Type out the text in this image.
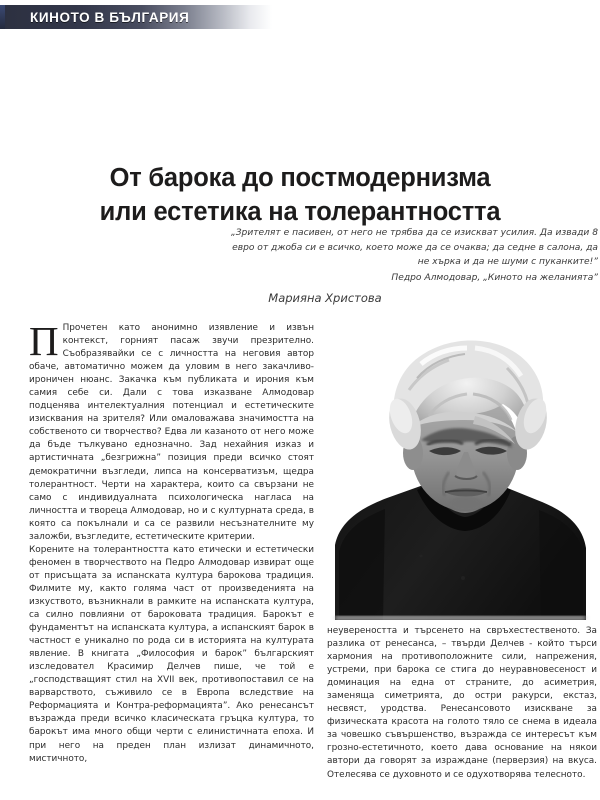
КИНОТО В БЪЛГАРИЯ
От барока до постмодернизма
или естетика на толерантността
„Зрителят е пасивен, от него не трябва да се изискват усилия. Да извади 8 евро от джоба си е всичко, което може да се очаква; да седне в салона, да не хърка и да не шуми с пуканките!”
Педро Алмодовар, „Киното на желанията”
Марияна Христова

П Прочетен като анонимно изявление и извън контекст, горният пасаж звучи презрително. Съобразявайки се с личността на неговия автор обаче, автоматично можем да уловим в него закачливо-ироничен нюанс. Закачка към публиката и ирония към самия себе си. Дали с това изказване Алмодовар подценява интелектуалния потенциал и естетическите изисквания на зрителя? Или омаловажава значимостта на собственото си творчество? Едва ли казаното от него може да бъде тълкувано еднозначно. Зад нехайния изказ и артистичната „безгрижна” позиция преди всичко стоят демократични възгледи, липса на консерватизъм, щедра толерантност. Черти на характера, които са свързани не само с индивидуалната психологическа нагласа на личността и твореца Алмодовар, но и с културната среда, в която са покълнали и са се развили несъзнателните му заложби, възгледите, естетическите критерии.

Корените на толерантността като етически и естетически феномен в творчеството на Педро Алмодовар извират още от присъщата за испанската култура барокова традиция. Филмите му, както голяма част от произведенията на изкуството, възникнали в рамките на испанската култура, са силно повлияни от бароковата традиция. Барокът е фундаментът на испанската култура, а испанският барок в частност е уникално по рода си в историята на културата явление. В книгата „Философия и барок” българският изследовател Красимир Делчев пише, че той е „господстващият стил на XVII век, противопоставил се на варварството, съживило се в Европа вследствие на Реформацията и Контра-реформацията”. Ако ренесансът възражда преди всичко класическата гръцка култура, то барокът има много общи черти с елинистичната епоха. И при него на преден план излизат динамичното, мистичното,

неувереността и търсенето на свръхестественото. За разлика от ренесанса, – твърди Делчев - който търси хармония на противоположните сили, напрежения, устреми, при барока се стига до неуравновесеност и доминация на една от страните, до асиметрия, заменяща симетрията, до остри ракурси, екстаз, несвяст, уродства. Ренесансовото изискване за физическата красота на голото тяло се снема в идеала за човешко съвършенство, възраждa се интересът към грозно-естетичното, което дава основание на някои автори да говорят за израждане (перверзия) на вкуса. Отелесява се духовното и се одухотворява телесното.
